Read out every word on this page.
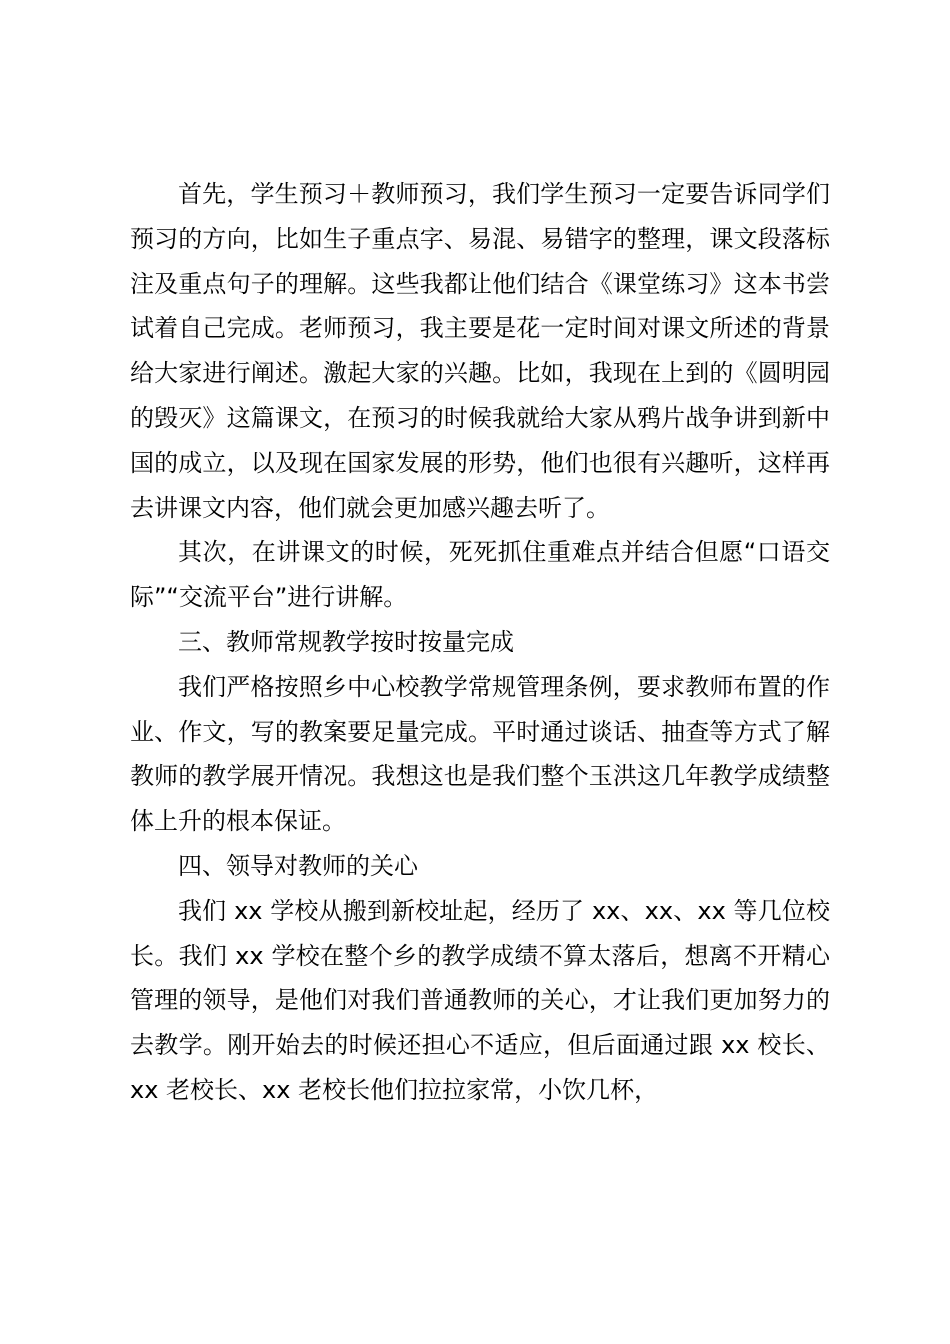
首先，学生预习＋教师预习，我们学生预习一定要告诉同学们预习的方向，比如生子重点字、易混、易错字的整理，课文段落标注及重点句子的理解。这些我都让他们结合《课堂练习》这本书尝试着自己完成。老师预习，我主要是花一定时间对课文所述的背景给大家进行阐述。激起大家的兴趣。比如，我现在上到的《圆明园的毁灭》这篇课文，在预习的时候我就给大家从鸦片战争讲到新中国的成立，以及现在国家发展的形势，他们也很有兴趣听，这样再去讲课文内容，他们就会更加感兴趣去听了。

其次，在讲课文的时候，死死抓住重难点并结合但愿“口语交际”“交流平台”进行讲解。

三、教师常规教学按时按量完成

我们严格按照乡中心校教学常规管理条例，要求教师布置的作业、作文，写的教案要足量完成。平时通过谈话、抽查等方式了解教师的教学展开情况。我想这也是我们整个玉洪这几年教学成绩整体上升的根本保证。

四、领导对教师的关心

我们 xx 学校从搬到新校址起，经历了 xx、xx、xx 等几位校长。我们 xx 学校在整个乡的教学成绩不算太落后，想离不开精心管理的领导，是他们对我们普通教师的关心，才让我们更加努力的去教学。刚开始去的时候还担心不适应，但后面通过跟 xx 校长、xx 老校长、xx 老校长他们拉拉家常，小饮几杯，
